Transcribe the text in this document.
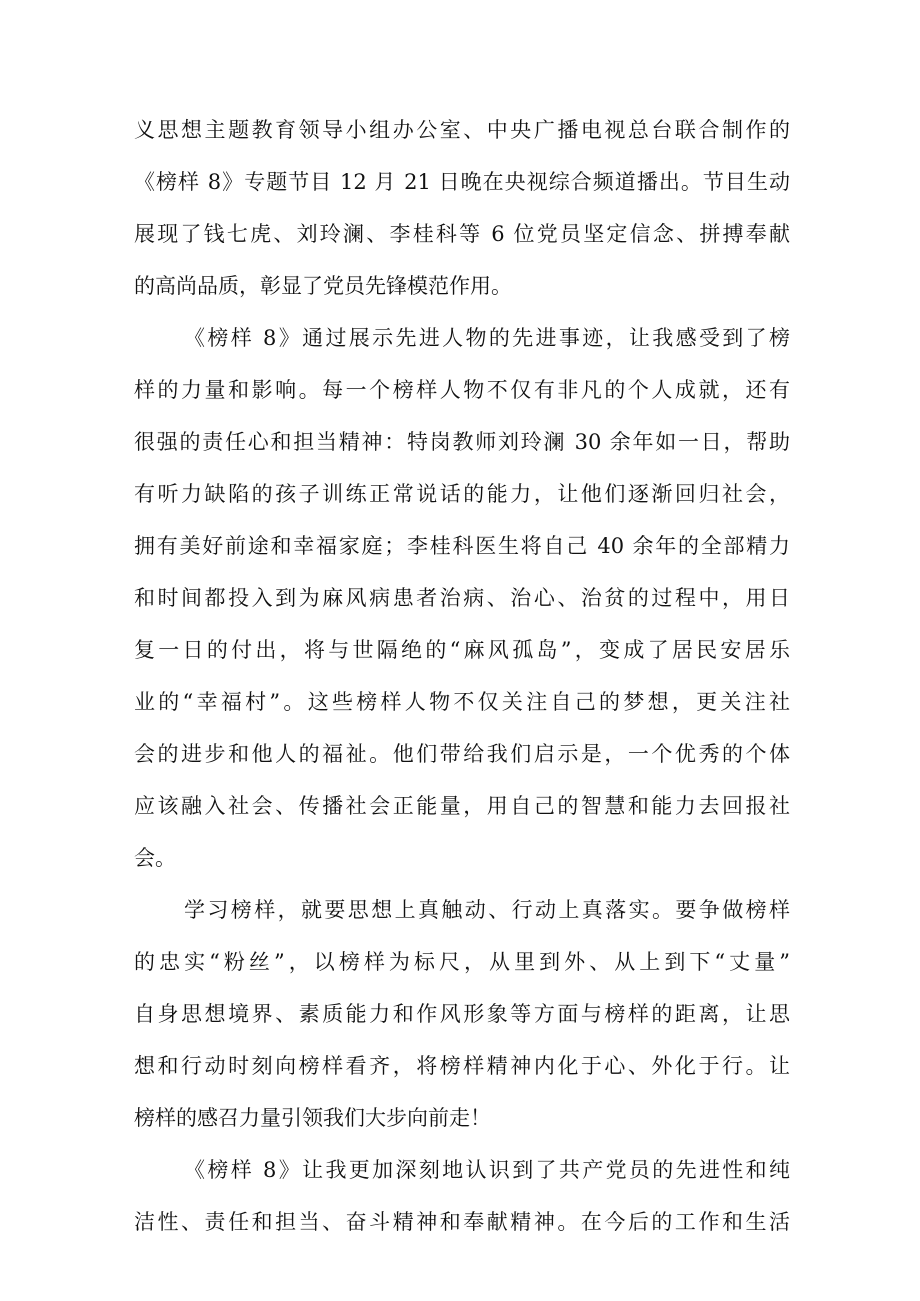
义思想主题教育领导小组办公室、中央广播电视总台联合制作的

《榜样 8》专题节目 12 月 21 日晚在央视综合频道播出。节目生动

展现了钱七虎、刘玲澜、李桂科等 6 位党员坚定信念、拼搏奉献

的高尚品质，彰显了党员先锋模范作用。

《榜样 8》通过展示先进人物的先进事迹，让我感受到了榜

样的力量和影响。每一个榜样人物不仅有非凡的个人成就，还有

很强的责任心和担当精神：特岗教师刘玲澜 30 余年如一日，帮助

有听力缺陷的孩子训练正常说话的能力，让他们逐渐回归社会，

拥有美好前途和幸福家庭；李桂科医生将自己 40 余年的全部精力

和时间都投入到为麻风病患者治病、治心、治贫的过程中，用日

复一日的付出，将与世隔绝的“麻风孤岛”，变成了居民安居乐

业的“幸福村”。这些榜样人物不仅关注自己的梦想，更关注社

会的进步和他人的福祉。他们带给我们启示是，一个优秀的个体

应该融入社会、传播社会正能量，用自己的智慧和能力去回报社

会。

学习榜样，就要思想上真触动、行动上真落实。要争做榜样

的忠实“粉丝”，以榜样为标尺，从里到外、从上到下“丈量”

自身思想境界、素质能力和作风形象等方面与榜样的距离，让思

想和行动时刻向榜样看齐，将榜样精神内化于心、外化于行。让

榜样的感召力量引领我们大步向前走！

《榜样 8》让我更加深刻地认识到了共产党员的先进性和纯

洁性、责任和担当、奋斗精神和奉献精神。在今后的工作和生活
